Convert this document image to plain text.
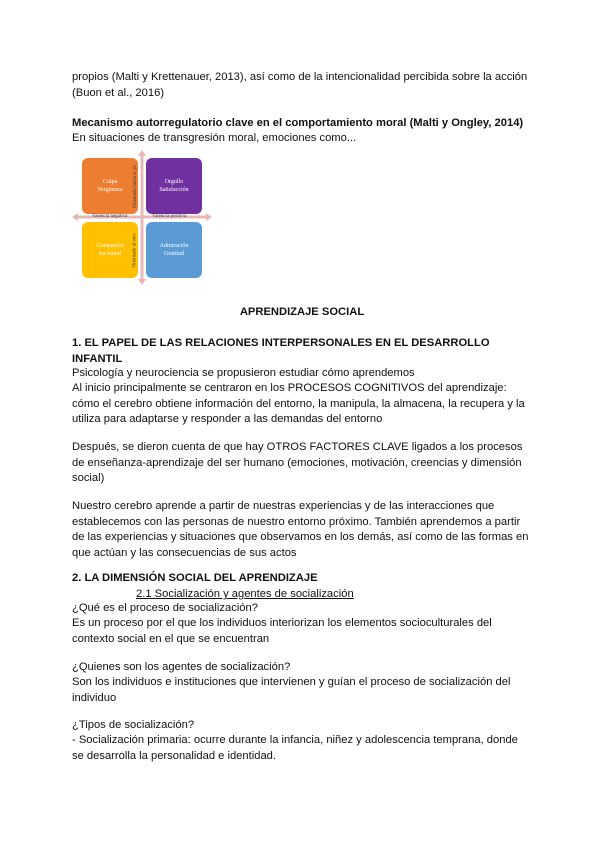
propios (Malti y Krettenauer, 2013), así como de la intencionalidad percibida sobre la acción (Buon et al., 2016)

Mecanismo autorregulatorio clave en el comportamiento moral (Malti y Ongley, 2014)

En situaciones de transgresión moral, emociones como...

Culpa
Vergüenza
Orgullo
Satisfacción
Compasión
Ira moral
Admiración
Gratitud
Valencia negativa	Valencia positiva
Orientado hacia el yo
Orientado al otro

APRENDIZAJE SOCIAL

1. EL PAPEL DE LAS RELACIONES INTERPERSONALES EN EL DESARROLLO INFANTIL

Psicología y neurociencia se propusieron estudiar cómo aprendemos

Al inicio principalmente se centraron en los PROCESOS COGNITIVOS del aprendizaje: cómo el cerebro obtiene información del entorno, la manipula, la almacena, la recupera y la utiliza para adaptarse y responder a las demandas del entorno

Después, se dieron cuenta de que hay OTROS FACTORES CLAVE ligados a los procesos de enseñanza-aprendizaje del ser humano (emociones, motivación, creencias y dimensión social)

Nuestro cerebro aprende a partir de nuestras experiencias y de las interacciones que establecemos con las personas de nuestro entorno próximo. También aprendemos a partir de las experiencias y situaciones que observamos en los demás, así como de las formas en que actúan y las consecuencias de sus actos

2. LA DIMENSIÓN SOCIAL DEL APRENDIZAJE

2.1 Socialización y agentes de socialización

¿Qué es el proceso de socialización?

Es un proceso por el que los individuos interiorizan los elementos socioculturales del contexto social en el que se encuentran

¿Quienes son los agentes de socialización?

Son los individuos e instituciones que intervienen y guían el proceso de socialización del individuo

¿Tipos de socialización?

- Socialización primaria: ocurre durante la infancia, niñez y adolescencia temprana, donde se desarrolla la personalidad e identidad.
